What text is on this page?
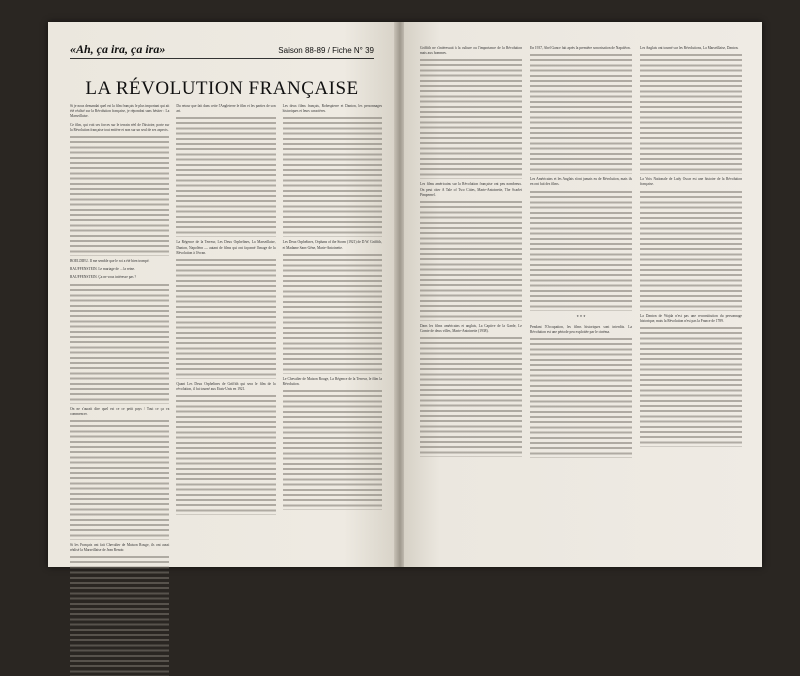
«Ah, ça ira, ça ira»	Saison 88-89 / Fiche N° 39
LA RÉVOLUTION FRANÇAISE

Si je nous demandai quel est la film français le plus important qui ait été réalisé sur la Révolution française, je répondrai sans hésiter : La Marseillaise.

Ce film, qui voit ses forces sur le terrain réel de l'histoire, porte sur la Révolution française tout entière et non sur un seul de ses aspects.

BOELDIEU. Il me semble que le roi a été bien trompé.

RAUFFENSTEIN. Le mariage de ... la reine.

RAUFFENSTEIN. Ça ne vous intéresse pas ?

On ne s'aurait dire quel est ce ce petit pays / Tout ce ça va commencer.

Si les Français ont fait Chevalier de Maison Rouge, ils ont aussi réalisé la Marseillaise de Jean Renoir.

Du retour que fait dans cette l'Angleterre le film et les parties de son art.

La Régence de la Terreur, Les Deux Orphelines, La Marseillaise, Danton, Napoléon — autant de films qui ont façonné l'image de la Révolution à l'écran.

Quant Les Deux Orphelines de Griffith qui sera le film de la révolution, il fut tourné aux Etats-Unis en 1921.

Les deux films français, Robespierre et Danton, les personnages historiques et leurs caractères.

Les Deux Orphelines, Orphans of the Storm (1921) de D.W. Griffith, et Madame Sans-Gêne, Marie-Antoinette.

Le Chevalier de Maison Rouge, La Régence de la Terreur, le film la Révolution.

Griffith ne s'intéressait à la culture ou l'importance de la Révolution mais aux hommes.

Les films américains sur la Révolution française ont peu nombreux. On peut citer A Tale of Two Cities, Marie-Antoinette, The Scarlet Pimpernel.

Dans les films américains et anglais, La Captive de la Garde, Le Comte de deux villes, Marie-Antoinette (1938).

En 1937, Abel Gance fait après la première sonorisation de Napoléon.

Les Américains et les Anglais n'ont jamais eu de Révolution, mais ils en ont fait des films.

* * *

Pendant l'Occupation, les films historiques sont interdits. La Révolution est une période peu exploitée par le cinéma.

Les Anglais ont tourné sur les Révolutions, La Marseillaise, Danton.

La Voix Nationale de Lady Oscar est une histoire de la Révolution française.

La Danton de Wajda n'est pas une reconstitution du personnage historique, mais la Révolution n'est pas la France de 1789.
